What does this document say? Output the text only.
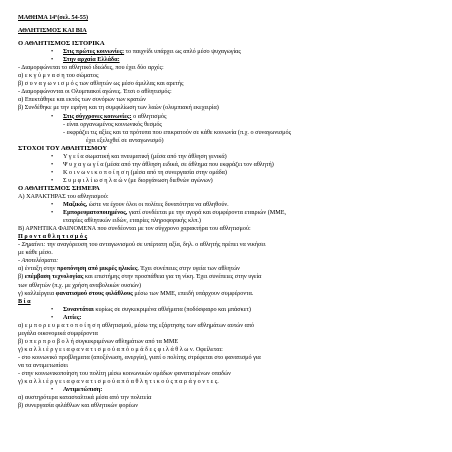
ΜΑΘΗΜΑ 14º(σελ. 54-55)
ΑΘΛΗΤΙΣΜΟΣ ΚΑΙ ΒΙΑ
Ο ΑΘΛΗΤΙΣΜΟΣ ΙΣΤΟΡΙΚΑ
• Στις πρώτες κοινωνίες: το παιχνίδι υπάρχει ως απλό μέσο ψυχαγωγίας
• Στην αρχαία Ελλάδα:
- Διαμορφώνεται το αθλητικό ιδεώδες, που έχει δύο αρχές:
α) ε κ γ ύ μ ν α σ η του σώματος
β) σ υ ν α γ ω ν ι σ μ ό ς των αθλητών ως μέσο άμιλλας και αρετής
- Διαμορφώνονται οι Ολυμπιακοί αγώνες. Έτσι ο αθλητισμός:
α) Επεκτάθηκε και εκτός των συνόρων των κρατών
β) Συνδέθηκε με την ειρήνη και τη συμφιλίωση των λαών (ολυμπιακή εκεχειρία)
• Στις σύγχρονες κοινωνίες: ο αθλητισμός
- είναι οργανωμένος κοινωνικός θεσμός
- εκφράζει τις αξίες και τα πρότυπα που επικρατούν σε κάθε κοινωνία (π.χ. ο συναγωνισμός
έχει εξελιχθεί σε ανταγωνισμό)
ΣΤΟΧΟΙ ΤΟΥ ΑΘΛΗΤΙΣΜΟΥ
• Υ γ ε ί α σωματική και πνευματική (μέσα από την άθληση γενικά)
• Ψ υ χ α γ ω γ ί α (μέσα από την άθληση ειδικά, σε άθλημα που εκφράζει τον αθλητή)
• Κ ο ι ν ω ν ι κ ο π ο ί η σ η (μέσα από τη συνεργασία στην ομάδα)
• Σ υ μ φ ι λ ί ω σ η λ α ώ ν (με διοργάνωση διεθνών αγώνων)
Ο ΑΘΛΗΤΙΣΜΟΣ ΣΗΜΕΡΑ
Α) ΧΑΡΑΚΤΗΡΑΣ του αθλητισμού:
• Μαζικός, ώστε να έχουν όλοι οι πολίτες δυνατότητα να αθληθούν.
• Εμπορευματοποιημένος, γιατί συνδέεται με την αγορά και συμφέροντα εταιριών (ΜΜΕ,
εταιρίες αθλητικών ειδών, εταιρίες πληροφορικής κλπ.)
Β) ΑΡΝΗΤΙΚΑ ΦΑΙΝΟΜΕΝΑ που συνδέονται με τον σύγχρονο χαρακτήρα του αθλητισμού:
Π ρ ο ν τ α θ λ η τ ι σ μ ό ς
- Σημαίνει: την αναγόρευση του ανταγωνισμού σε υπέρτατη αξία, δηλ. ο αθλητής πρέπει να νικήσει
με κάθε μέσο.
- Αποτελέσματα:
α) ένταξη στην προπόνηση από μικρές ηλικίες. Έχει συνέπειες στην υγεία των αθλητών
β) επέμβαση τεχνολογίας και επιστήμης στην προσπάθεια για τη νίκη. Έχει συνέπειες στην υγεία
των αθλητών (π.χ. με χρήση αναβολικών ουσιών)
γ) καλλιέργεια φανατισμού στους φιλάθλους μέσω των ΜΜΕ, επειδή υπάρχουν συμφέροντα.
Β ί α
• Συναντάται κυρίως σε συγκεκριμένα αθλήματα (ποδόσφαιρο και μπάσκετ)
• Αιτίες:
α) ε μ π ο ρ ε υ μ α τ ο π ο ί η σ η αθλητισμού, μέσω της εξάρτησης των αθλημάτων αυτών από
μεγάλα οικονομικά συμφέροντα
β) υ π ε ρ π ρ ο β ο λ ή συγκεκριμένων αθλημάτων από τα ΜΜΕ
γ) κ α λ λ ι έ ρ γ ε ι α φ α ν α τ ι σ μ ο ύ α π ό ο μ ά δ ε ς φ ι λ ά θ λ ω ν. Οφείλεται:
- στο κοινωνικό προβληματα (αποξένωση, ανεργία), γιατί ο πολίτης στρέφεται στο φανατισμό για
να τα αντιμετωπίσει
- στην κοινωνικοποίηση του πολίτη μέσω κοινωνικών ομάδων φανατισμένων οπαδών
γ) κ α λ λ ι έ ρ γ ε ι α φ α ν α τ ι σ μ ο ύ α π ό α θ λ η τ ι κ ο ύ ς π α ρ ά γ ο ν τ ε ς.
• Αντιμετώπιση:
α) αυστηρότερα κατασταλτικά μέσα από την πολιτεία
β) συνεργασία φιλάθλων και αθλητικών φορέων
